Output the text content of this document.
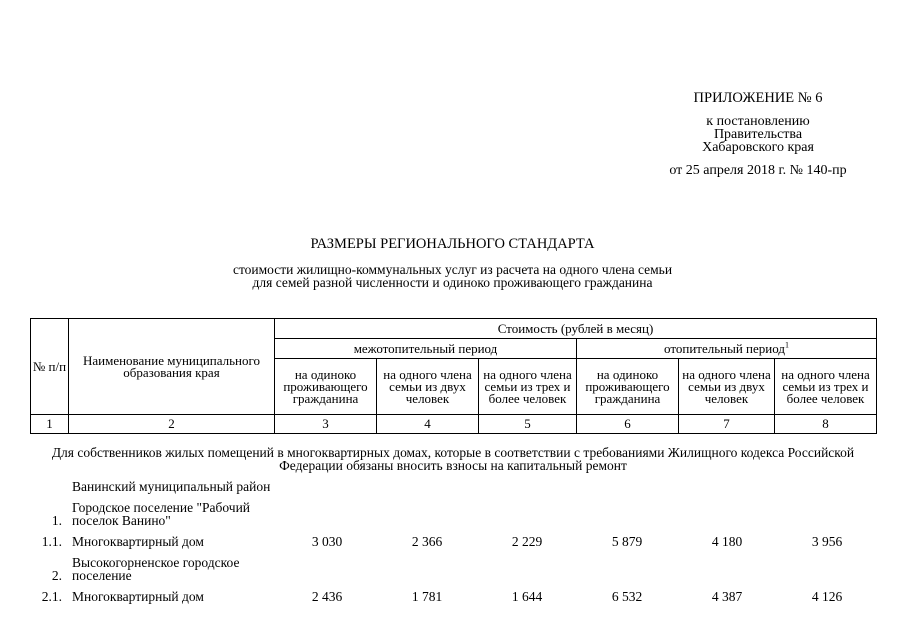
ПРИЛОЖЕНИЕ № 6
к постановлению
Правительства
Хабаровского края
от 25 апреля 2018 г. № 140-пр
РАЗМЕРЫ РЕГИОНАЛЬНОГО СТАНДАРТА
стоимости жилищно-коммунальных услуг из расчета на одного члена семьи
для семей разной численности и одиноко проживающего гражданина
№ п/п	Наименование муниципального образования края	Стоимость (рублей в месяц)					
		межотопительный период			отопительный период$^1$
		на одиноко проживающего гражданина	на одного члена семьи из двух человек	на одного члена семьи из трех и более человек	на одиноко проживающего гражданина	на одного члена семьи из двух человек	на одного члена семьи из трех и более человек
1	2	3	4	5	6	7	8
Для собственников жилых помещений в многоквартирных домах, которые в соответствии с требованиями Жилищного кодекса Российской Федерации обязаны вносить взносы на капитальный ремонт
Ванинский муниципальный район
1.
Городское поселение "Рабочий поселок Ванино"
1.1. Многоквартирный дом	3 030	2 366	2 229	5 879	4 180	3 956
2.
Высокогорненское городское поселение
2.1. Многоквартирный дом	2 436	1 781	1 644	6 532	4 387	4 126
